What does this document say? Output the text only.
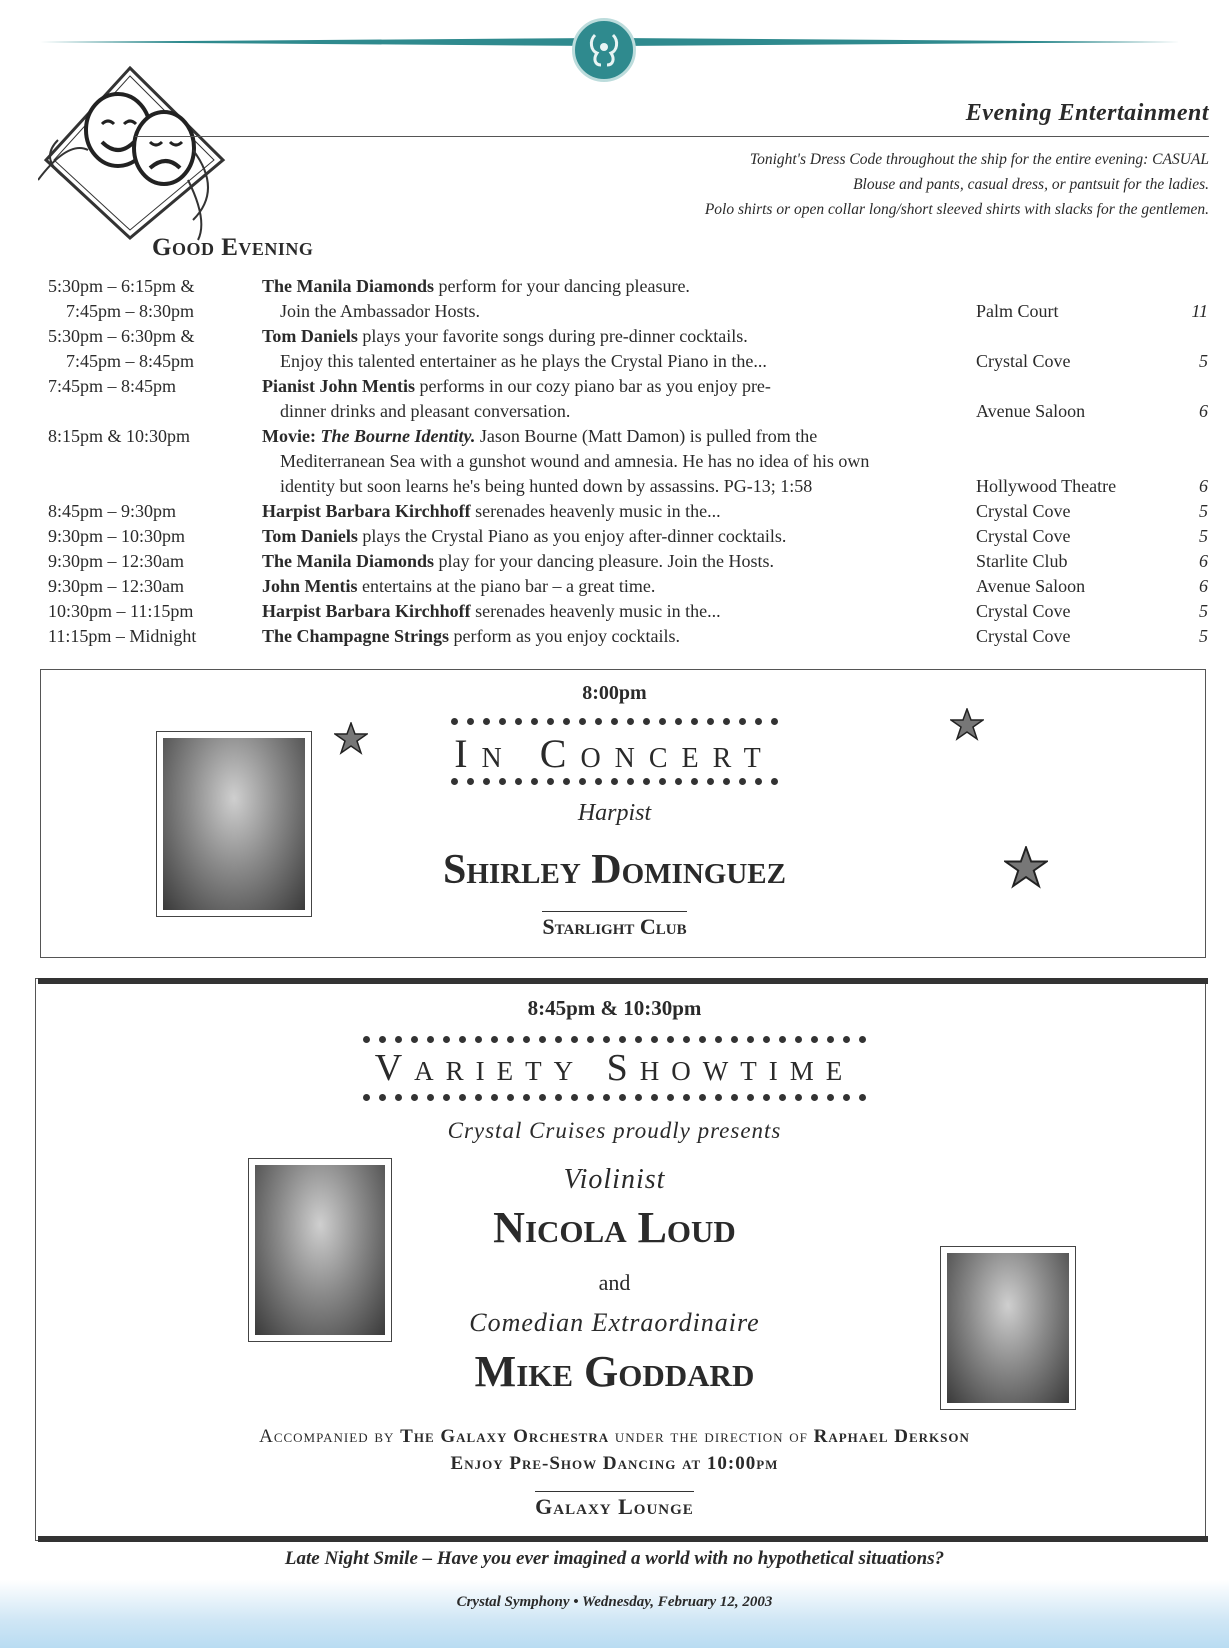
Evening Entertainment
Tonight's Dress Code throughout the ship for the entire evening: CASUAL
Blouse and pants, casual dress, or pantsuit for the ladies.
Polo shirts or open collar long/short sleeved shirts with slacks for the gentlemen.
Good Evening
5:30pm – 6:15pm &	The Manila Diamonds perform for your dancing pleasure.
7:45pm – 8:30pm	Join the Ambassador Hosts.	Palm Court	11
5:30pm – 6:30pm &	Tom Daniels plays your favorite songs during pre-dinner cocktails.
7:45pm – 8:45pm	Enjoy this talented entertainer as he plays the Crystal Piano in the...	Crystal Cove	5
7:45pm – 8:45pm	Pianist John Mentis performs in our cozy piano bar as you enjoy pre-
dinner drinks and pleasant conversation.	Avenue Saloon	6
8:15pm & 10:30pm	Movie: The Bourne Identity. Jason Bourne (Matt Damon) is pulled from the
Mediterranean Sea with a gunshot wound and amnesia. He has no idea of his own
identity but soon learns he's being hunted down by assassins. PG-13; 1:58	Hollywood Theatre	6
8:45pm – 9:30pm	Harpist Barbara Kirchhoff serenades heavenly music in the...	Crystal Cove	5
9:30pm – 10:30pm	Tom Daniels plays the Crystal Piano as you enjoy after-dinner cocktails.	Crystal Cove	5
9:30pm – 12:30am	The Manila Diamonds play for your dancing pleasure. Join the Hosts.	Starlite Club	6
9:30pm – 12:30am	John Mentis entertains at the piano bar – a great time.	Avenue Saloon	6
10:30pm – 11:15pm	Harpist Barbara Kirchhoff serenades heavenly music in the...	Crystal Cove	5
11:15pm – Midnight	The Champagne Strings perform as you enjoy cocktails.	Crystal Cove	5
8:00pm
In Concert
Harpist
Shirley Dominguez
Starlight Club
8:45pm & 10:30pm
Variety Showtime
Crystal Cruises proudly presents
Violinist
Nicola Loud
and
Comedian Extraordinaire
Mike Goddard
Accompanied by The Galaxy Orchestra under the direction of Raphael Derkson
Enjoy Pre-Show Dancing at 10:00pm
Galaxy Lounge
Late Night Smile – Have you ever imagined a world with no hypothetical situations?
Crystal Symphony • Wednesday, February 12, 2003
